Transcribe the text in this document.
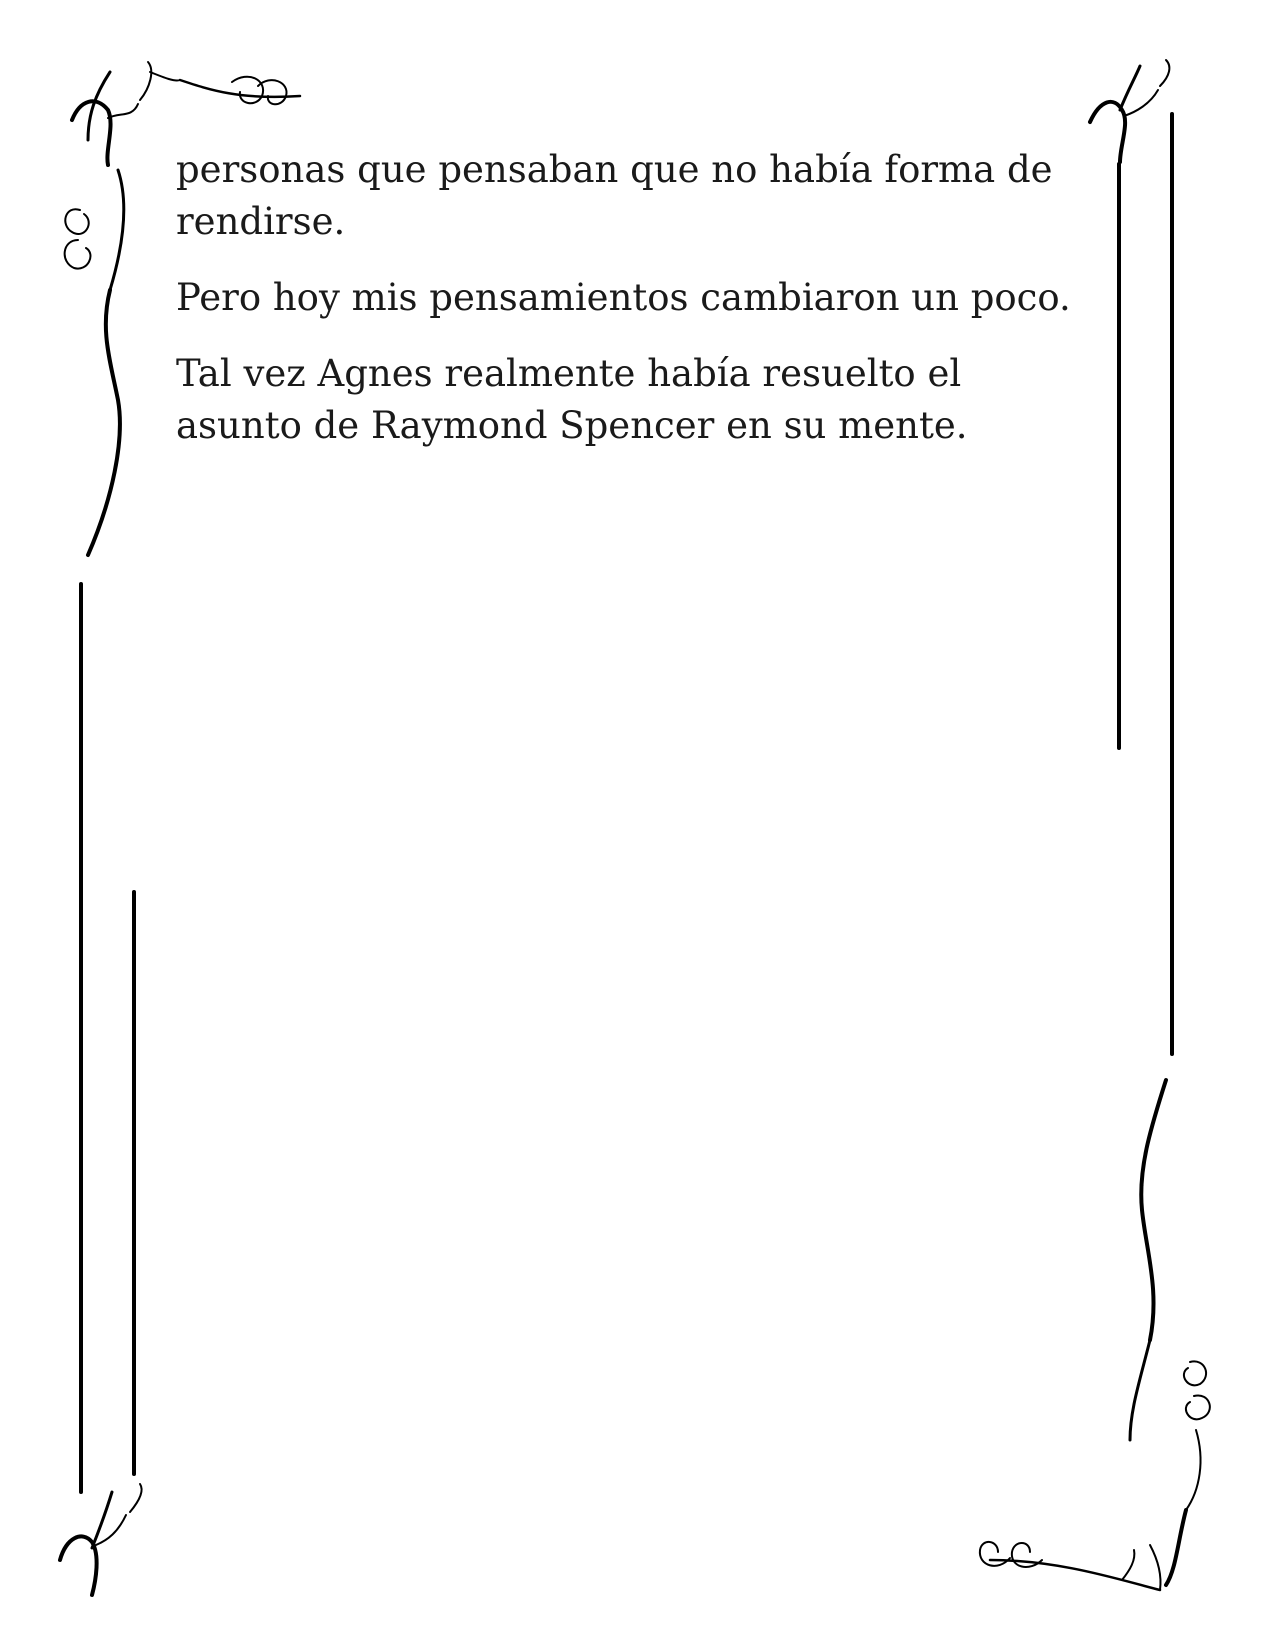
personas que pensaban que no había forma de rendirse.

Pero hoy mis pensamientos cambiaron un poco.

Tal vez Agnes realmente había resuelto el asunto de Raymond Spencer en su mente.
